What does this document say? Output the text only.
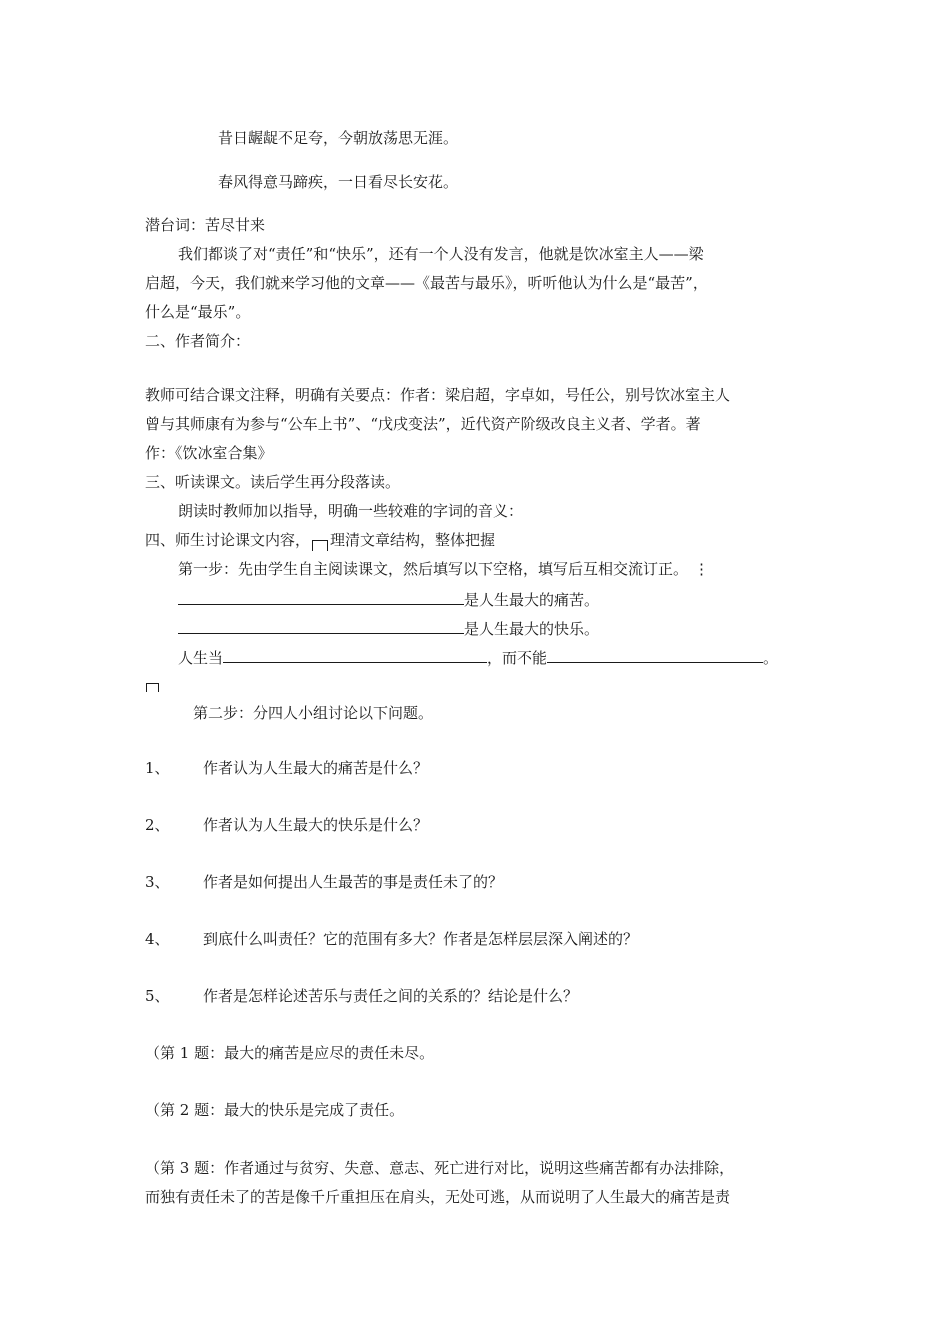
昔日龌龊不足夸，今朝放荡思无涯。
春风得意马蹄疾，一日看尽长安花。
潜台词：苦尽甘来
我们都谈了对“责任”和“快乐”，还有一个人没有发言，他就是饮冰室主人——梁
启超，今天，我们就来学习他的文章——《最苦与最乐》，听听他认为什么是“最苦”，
什么是“最乐”。
二、作者简介：
教师可结合课文注释，明确有关要点：作者：梁启超，字卓如，号任公，别号饮冰室主人
曾与其师康有为参与“公车上书”、“戊戌变法”，近代资产阶级改良主义者、学者。著
作：《饮冰室合集》
三、听读课文。读后学生再分段落读。
朗读时教师加以指导，明确一些较难的字词的音义：
四、师生讨论课文内容， 理清文章结构，整体把握
第一步：先由学生自主阅读课文，然后填写以下空格，填写后互相交流订正。 ⋮
是人生最大的痛苦。
是人生最大的快乐。
人生当	，而不能	。
第二步：分四人小组讨论以下问题。
1、 作者认为人生最大的痛苦是什么？
2、 作者认为人生最大的快乐是什么？
3、 作者是如何提出人生最苦的事是责任未了的？
4、 到底什么叫责任？它的范围有多大？作者是怎样层层深入阐述的？
5、 作者是怎样论述苦乐与责任之间的关系的？结论是什么？
（第 1 题：最大的痛苦是应尽的责任未尽。
（第 2 题：最大的快乐是完成了责任。
（第 3 题：作者通过与贫穷、失意、意志、死亡进行对比，说明这些痛苦都有办法排除，
而独有责任未了的苦是像千斤重担压在肩头，无处可逃，从而说明了人生最大的痛苦是责
